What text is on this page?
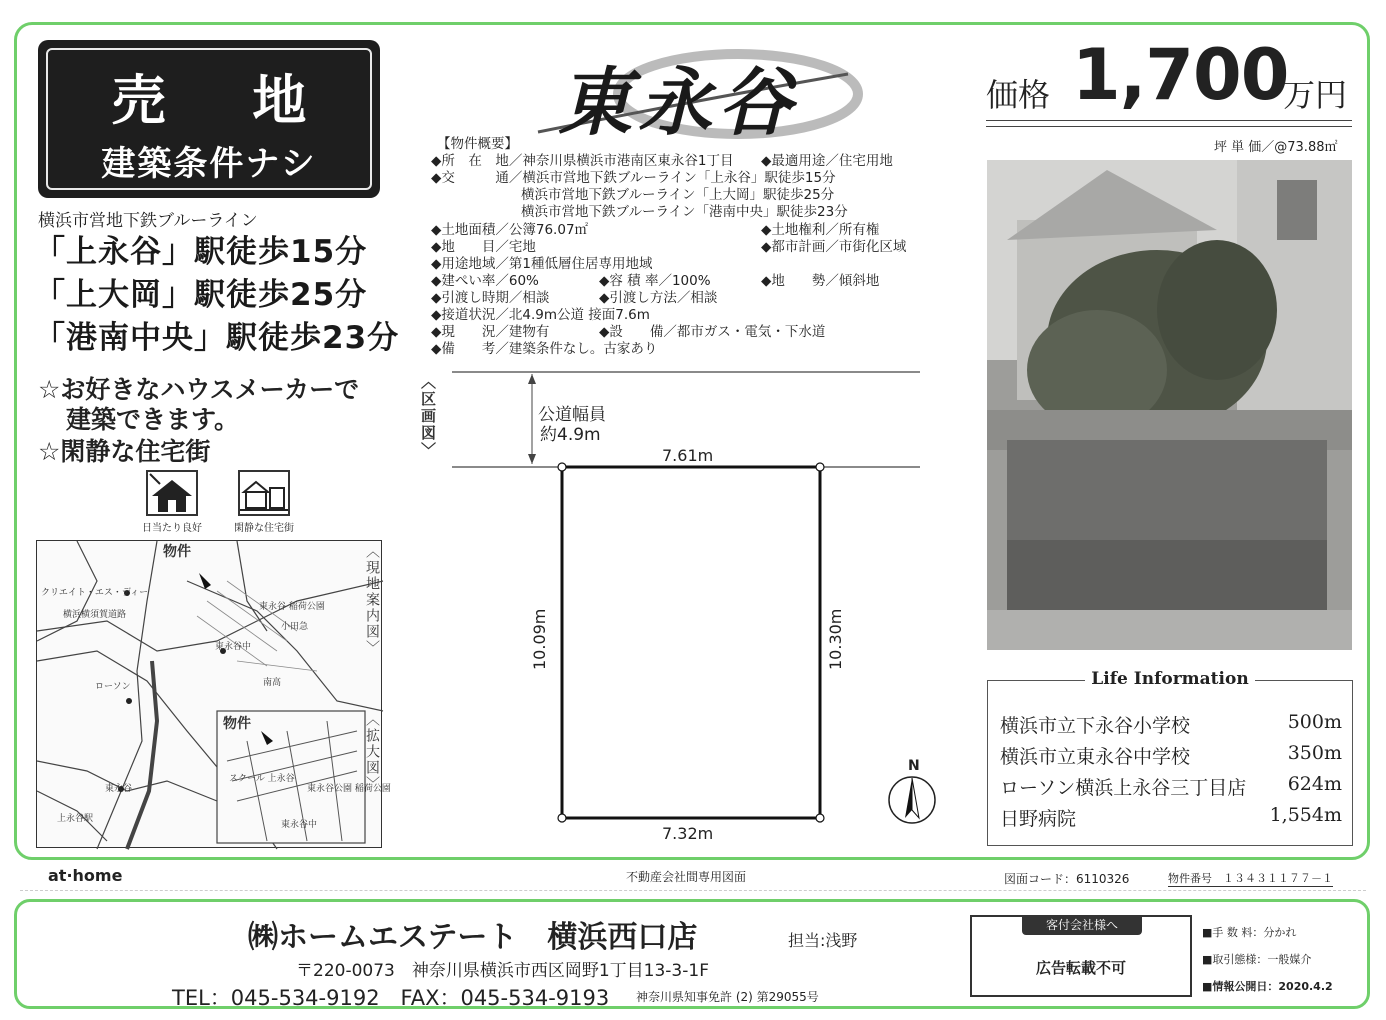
売 地
建築条件ナシ
横浜市営地下鉄ブルーライン
「上永谷」駅徒歩15分
「上大岡」駅徒歩25分
「港南中央」駅徒歩23分
☆お好きなハウスメーカーで
建築できます。
☆閑静な住宅街
日当たり良好	閑静な住宅街
物件
クリエイト・エス・ディー
横浜横須賀道路
東永谷中
ローソン	南高
東永谷 稲荷公園
小田急
上永谷駅
東永谷
物件
スクール 上永谷
東永谷公園 稲荷公園
東永谷中
〈現地案内図〉
〈拡大図〉
東永谷
【物件概要】
◆所　在　地／神奈川県横浜市港南区東永谷1丁目 ◆最適用途／住宅用地
◆交　　　通／横浜市営地下鉄ブルーライン「上永谷」駅徒歩15分
横浜市営地下鉄ブルーライン「上大岡」駅徒歩25分
横浜市営地下鉄ブルーライン「港南中央」駅徒歩23分
◆土地面積／公簿76.07㎡	◆土地権利／所有権
◆地　　目／宅地	◆都市計画／市街化区域
◆用途地域／第1種低層住居専用地域
◆建ぺい率／60%	◆容 積 率／100%	◆地　　勢／傾斜地
◆引渡し時期／相談	◆引渡し方法／相談
◆接道状況／北4.9m公道 接面7.6m
◆現　　況／建物有	◆設　　備／都市ガス・電気・下水道
◆備　　考／建築条件なし。古家あり
〈区画図〉	公道幅員
約4.9m
7.61m
7.32m
10.09m	10.30m
N
価格 1,700
万円
坪 単 価／@73.88㎡
Life Information
横浜市立下永谷小学校	500m
横浜市立東永谷中学校	350m
ローソン横浜上永谷三丁目店 624m
日野病院	1,554m
at·home	不動産会社間専用図面	図面コード：6110326	物件番号　１３４３１１７７－１
㈱ホームエステート　横浜西口店	担当:浅野
〒220-0073　神奈川県横浜市西区岡野1丁目13-3-1F
TEL：045-534-9192　FAX：045-534-9193 神奈川県知事免許 (2) 第29055号
客付会社様へ
広告転載不可
■手 数 料：分かれ
■取引態様：一般媒介
■情報公開日：2020.4.2
